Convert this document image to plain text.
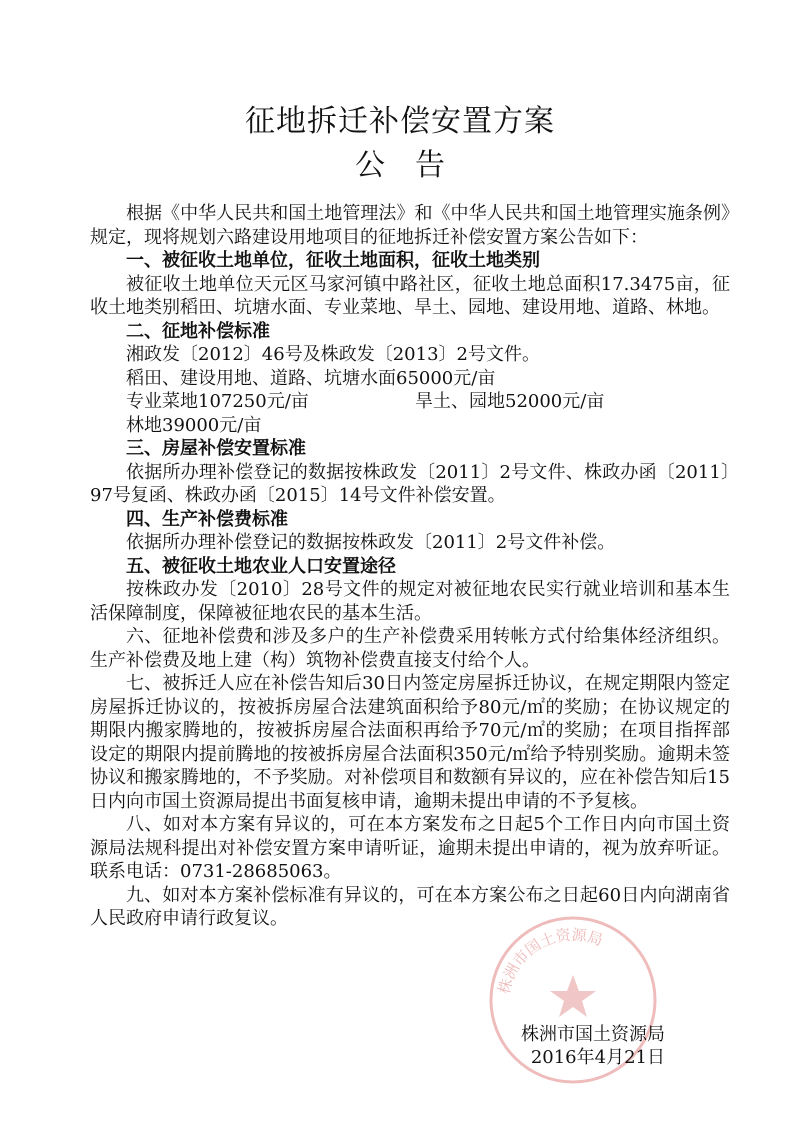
征地拆迁补偿安置方案
公告

根据《中华人民共和国土地管理法》和《中华人民共和国土地管理实施条例》规定，现将规划六路建设用地项目的征地拆迁补偿安置方案公告如下：

一、被征收土地单位，征收土地面积，征收土地类别

被征收土地单位天元区马家河镇中路社区，征收土地总面积17.3475亩，征收土地类别稻田、坑塘水面、专业菜地、旱土、园地、建设用地、道路、林地。

二、征地补偿标准

湘政发〔2012〕46号及株政发〔2013〕2号文件。

稻田、建设用地、道路、坑塘水面65000元/亩

专业菜地107250元/亩	旱土、园地52000元/亩

林地39000元/亩

三、房屋补偿安置标准

依据所办理补偿登记的数据按株政发〔2011〕2号文件、株政办函〔2011〕97号复函、株政办函〔2015〕14号文件补偿安置。

四、生产补偿费标准

依据所办理补偿登记的数据按株政发〔2011〕2号文件补偿。

五、被征收土地农业人口安置途径

按株政办发〔2010〕28号文件的规定对被征地农民实行就业培训和基本生活保障制度，保障被征地农民的基本生活。

六、征地补偿费和涉及多户的生产补偿费采用转帐方式付给集体经济组织。生产补偿费及地上建（构）筑物补偿费直接支付给个人。

七、被拆迁人应在补偿告知后30日内签定房屋拆迁协议，在规定期限内签定房屋拆迁协议的，按被拆房屋合法建筑面积给予80元/㎡的奖励；在协议规定的期限内搬家腾地的，按被拆房屋合法面积再给予70元/㎡的奖励；在项目指挥部设定的期限内提前腾地的按被拆房屋合法面积350元/㎡给予特别奖励。逾期未签协议和搬家腾地的，不予奖励。对补偿项目和数额有异议的，应在补偿告知后15日内向市国土资源局提出书面复核申请，逾期未提出申请的不予复核。

八、如对本方案有异议的，可在本方案发布之日起5个工作日内向市国土资源局法规科提出对补偿安置方案申请听证，逾期未提出申请的，视为放弃听证。联系电话：0731-28685063。

九、如对本方案补偿标准有异议的，可在本方案公布之日起60日内向湖南省人民政府申请行政复议。

株洲市国土资源局
株洲市国土资源局
2016年4月21日
